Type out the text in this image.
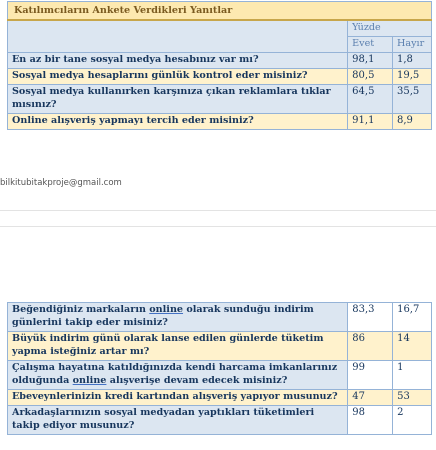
Katılımcıların Ankete Verdikleri Yanıtlar		
	Yüzde	
	Evet	Hayır
En az bir tane sosyal medya hesabınız var mı?	98,1	1,8
Sosyal medya hesaplarını günlük kontrol eder misiniz?	80,5	19,5
Sosyal medya kullanırken karşınıza çıkan reklamlara tıklar mısınız?	64,5	35,5
Online alışveriş yapmayı tercih eder misiniz?	91,1	8,9
bilkitubitakproje@gmail.com
Beğendiğiniz markaların online olarak sunduğu indirim günlerini takip eder misiniz?	83,3	16,7
Büyük indirim günü olarak lanse edilen günlerde tüketim yapma isteğiniz artar mı?	86	14
Çalışma hayatına katıldığınızda kendi harcama imkanlarınız olduğunda online alışverişe devam edecek misiniz?	99	1
Ebeveynlerinizin kredi kartından alışveriş yapıyor musunuz?	47	53
Arkadaşlarınızın sosyal medyadan yaptıkları tüketimleri takip ediyor musunuz?	98	2
